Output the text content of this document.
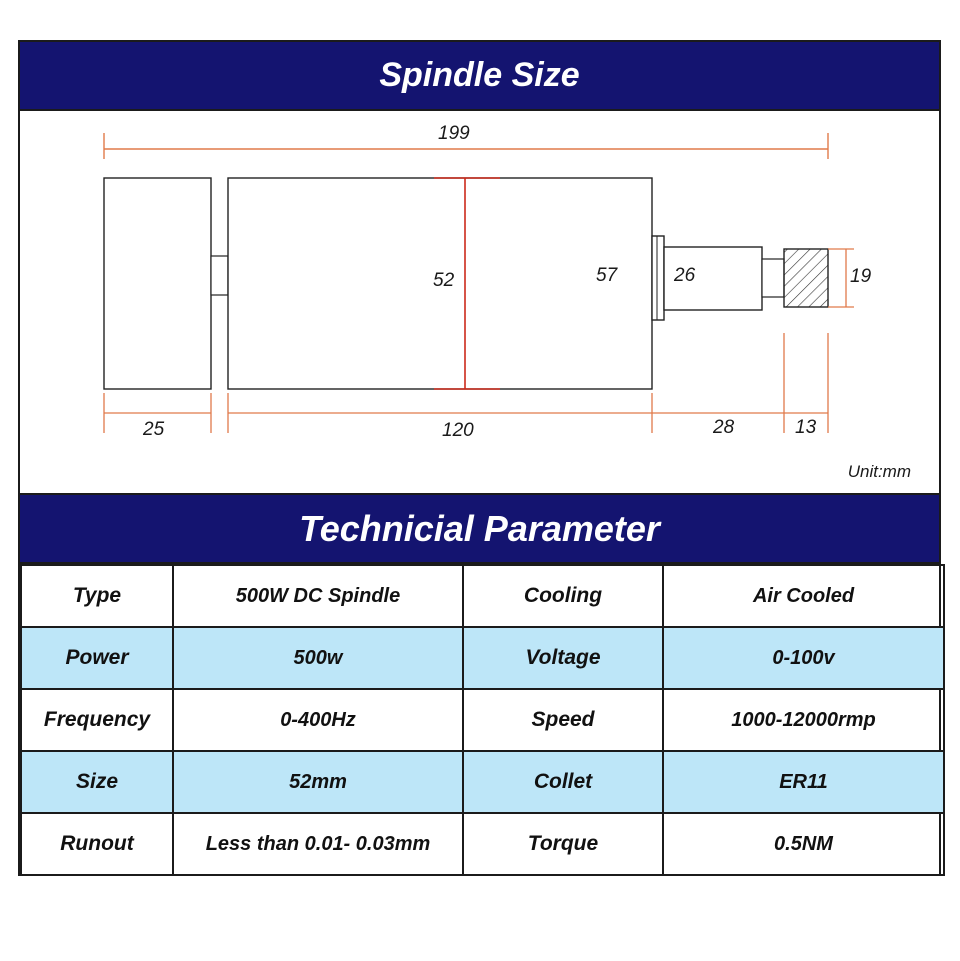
Spindle Size
199
52	57	26	19
25	120	28	13
Unit:mm
Technicial Parameter
Type	500W DC Spindle	Cooling	Air Cooled
Power	500w	Voltage	0-100v
Frequency	0-400Hz	Speed	1000-12000rmp
Size	52mm	Collet	ER11
Runout	Less than 0.01- 0.03mm	Torque	0.5NM
